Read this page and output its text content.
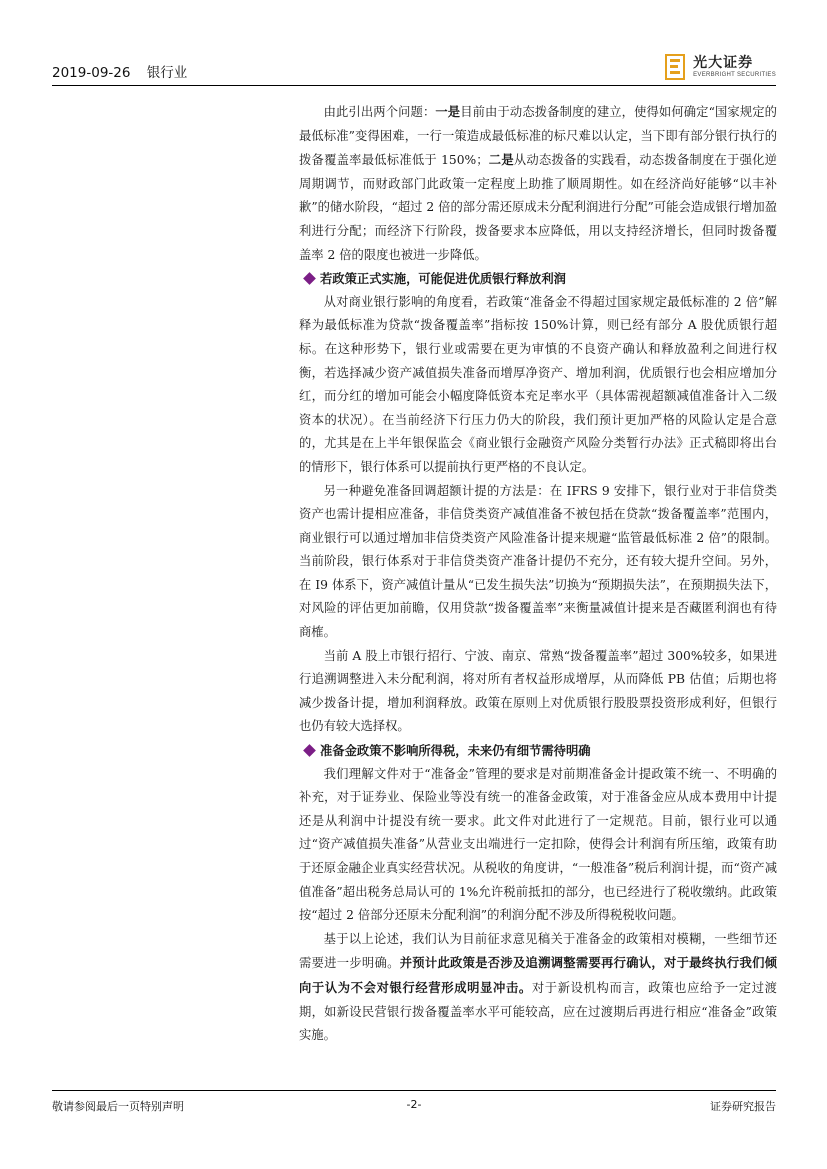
2019-09-26 银行业
光大证券
EVERBRIGHT SECURITIES

由此引出两个问题：一是目前由于动态拨备制度的建立，使得如何确定“国家规定的最低标准”变得困难，一行一策造成最低标准的标尺难以认定，当下即有部分银行执行的拨备覆盖率最低标准低于 150%；二是从动态拨备的实践看，动态拨备制度在于强化逆周期调节，而财政部门此政策一定程度上助推了顺周期性。如在经济尚好能够“以丰补歉”的储水阶段，“超过 2 倍的部分需还原成未分配利润进行分配”可能会造成银行增加盈利进行分配；而经济下行阶段，拨备要求本应降低，用以支持经济增长，但同时拨备覆盖率 2 倍的限度也被进一步降低。

若政策正式实施，可能促进优质银行释放利润

从对商业银行影响的角度看，若政策“准备金不得超过国家规定最低标准的 2 倍”解释为最低标准为贷款“拨备覆盖率”指标按 150%计算，则已经有部分 A 股优质银行超标。在这种形势下，银行业或需要在更为审慎的不良资产确认和释放盈利之间进行权衡，若选择减少资产减值损失准备而增厚净资产、增加利润，优质银行也会相应增加分红，而分红的增加可能会小幅度降低资本充足率水平（具体需视超额减值准备计入二级资本的状况）。在当前经济下行压力仍大的阶段，我们预计更加严格的风险认定是合意的，尤其是在上半年银保监会《商业银行金融资产风险分类暂行办法》正式稿即将出台的情形下，银行体系可以提前执行更严格的不良认定。

另一种避免准备回调超额计提的方法是：在 IFRS 9 安排下，银行业对于非信贷类资产也需计提相应准备，非信贷类资产减值准备不被包括在贷款“拨备覆盖率”范围内，商业银行可以通过增加非信贷类资产风险准备计提来规避“监管最低标准 2 倍”的限制。当前阶段，银行体系对于非信贷类资产准备计提仍不充分，还有较大提升空间。另外，在 I9 体系下，资产减值计量从“已发生损失法”切换为“预期损失法”，在预期损失法下，对风险的评估更加前瞻，仅用贷款“拨备覆盖率”来衡量减值计提来是否藏匿利润也有待商榷。

当前 A 股上市银行招行、宁波、南京、常熟“拨备覆盖率”超过 300%较多，如果进行追溯调整进入未分配利润，将对所有者权益形成增厚，从而降低 PB 估值；后期也将减少拨备计提，增加利润释放。政策在原则上对优质银行股股票投资形成利好，但银行也仍有较大选择权。

准备金政策不影响所得税，未来仍有细节需待明确

我们理解文件对于“准备金”管理的要求是对前期准备金计提政策不统一、不明确的补充，对于证券业、保险业等没有统一的准备金政策，对于准备金应从成本费用中计提还是从利润中计提没有统一要求。此文件对此进行了一定规范。目前，银行业可以通过“资产减值损失准备”从营业支出端进行一定扣除，使得会计利润有所压缩，政策有助于还原金融企业真实经营状况。从税收的角度讲，“一般准备”税后利润计提，而“资产减值准备”超出税务总局认可的 1%允许税前抵扣的部分，也已经进行了税收缴纳。此政策按“超过 2 倍部分还原未分配利润”的利润分配不涉及所得税税收问题。

基于以上论述，我们认为目前征求意见稿关于准备金的政策相对模糊，一些细节还需要进一步明确。并预计此政策是否涉及追溯调整需要再行确认，对于最终执行我们倾向于认为不会对银行经营形成明显冲击。对于新设机构而言，政策也应给予一定过渡期，如新设民营银行拨备覆盖率水平可能较高，应在过渡期后再进行相应“准备金”政策实施。

敬请参阅最后一页特别声明	-2-	证券研究报告
